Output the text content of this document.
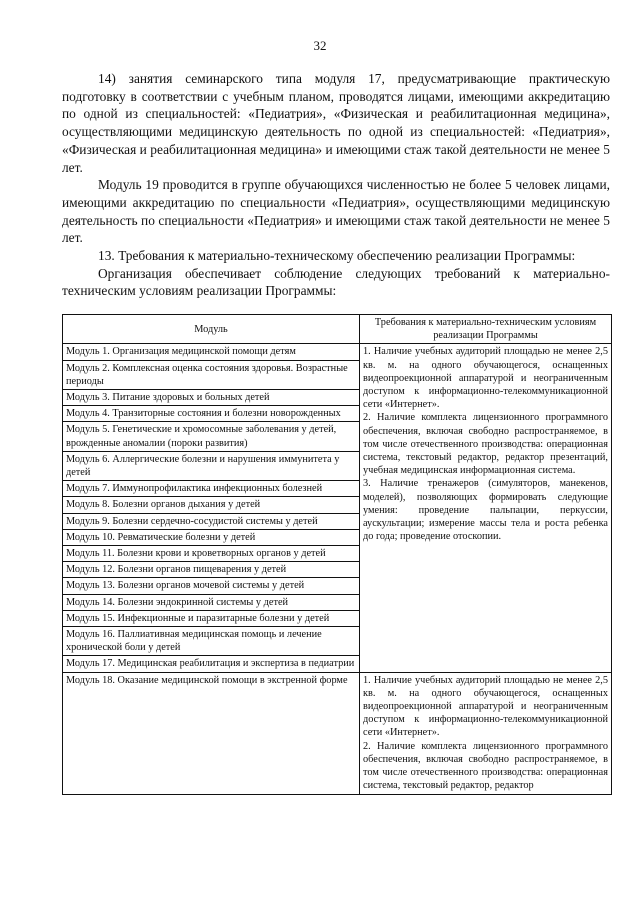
32

14) занятия семинарского типа модуля 17, предусматривающие практическую подготовку в соответствии с учебным планом, проводятся лицами, имеющими аккредитацию по одной из специальностей: «Педиатрия», «Физическая и реабилитационная медицина», осуществляющими медицинскую деятельность по одной из специальностей: «Педиатрия», «Физическая и реабилитационная медицина» и имеющими стаж такой деятельности не менее 5 лет.

Модуль 19 проводится в группе обучающихся численностью не более 5 человек лицами, имеющими аккредитацию по специальности «Педиатрия», осуществляющими медицинскую деятельность по специальности «Педиатрия» и имеющими стаж такой деятельности не менее 5 лет.

13. Требования к материально-техническому обеспечению реализации Программы:

Организация обеспечивает соблюдение следующих требований к материально-техническим условиям реализации Программы:

Модуль	Требования к материально-техническим условиям реализации Программы
Модуль 1. Организация медицинской помощи детям	1. Наличие учебных аудиторий площадью не менее 2,5 кв. м. на одного обучающегося, оснащенных видеопроекционной аппаратурой и неограниченным доступом к информационно-телекоммуникационной сети «Интернет».
2. Наличие комплекта лицензионного программного обеспечения, включая свободно распространяемое, в том числе отечественного производства: операционная система, текстовый редактор, редактор презентаций, учебная медицинская информационная система.
3. Наличие тренажеров (симуляторов, манекенов, моделей), позволяющих формировать следующие умения: проведение пальпации, перкуссии, аускультации; измерение массы тела и роста ребенка до года; проведение отоскопии.

Модуль 2. Комплексная оценка состояния здоровья. Возрастные периоды	
Модуль 3. Питание здоровых и больных детей	
Модуль 4. Транзиторные состояния и болезни новорожденных	
Модуль 5. Генетические и хромосомные заболевания у детей, врожденные аномалии (пороки развития)	
Модуль 6. Аллергические болезни и нарушения иммунитета у детей	
Модуль 7. Иммунопрофилактика инфекционных болезней	
Модуль 8. Болезни органов дыхания у детей	
Модуль 9. Болезни сердечно-сосудистой системы у детей	
Модуль 10. Ревматические болезни у детей	
Модуль 11. Болезни крови и кроветворных органов у детей	
Модуль 12. Болезни органов пищеварения у детей	
Модуль 13. Болезни органов мочевой системы у детей	
Модуль 14. Болезни эндокринной системы у детей	
Модуль 15. Инфекционные и паразитарные болезни у детей	
Модуль 16. Паллиативная медицинская помощь и лечение хронической боли у детей	
Модуль 17. Медицинская реабилитация и экспертиза в педиатрии	
Модуль 18. Оказание медицинской помощи в экстренной форме	1. Наличие учебных аудиторий площадью не менее 2,5 кв. м. на одного обучающегося, оснащенных видеопроекционной аппаратурой и неограниченным доступом к информационно-телекоммуникационной сети «Интернет».
2. Наличие комплекта лицензионного программного обеспечения, включая свободно распространяемое, в том числе отечественного производства: операционная система, текстовый редактор, редактор
